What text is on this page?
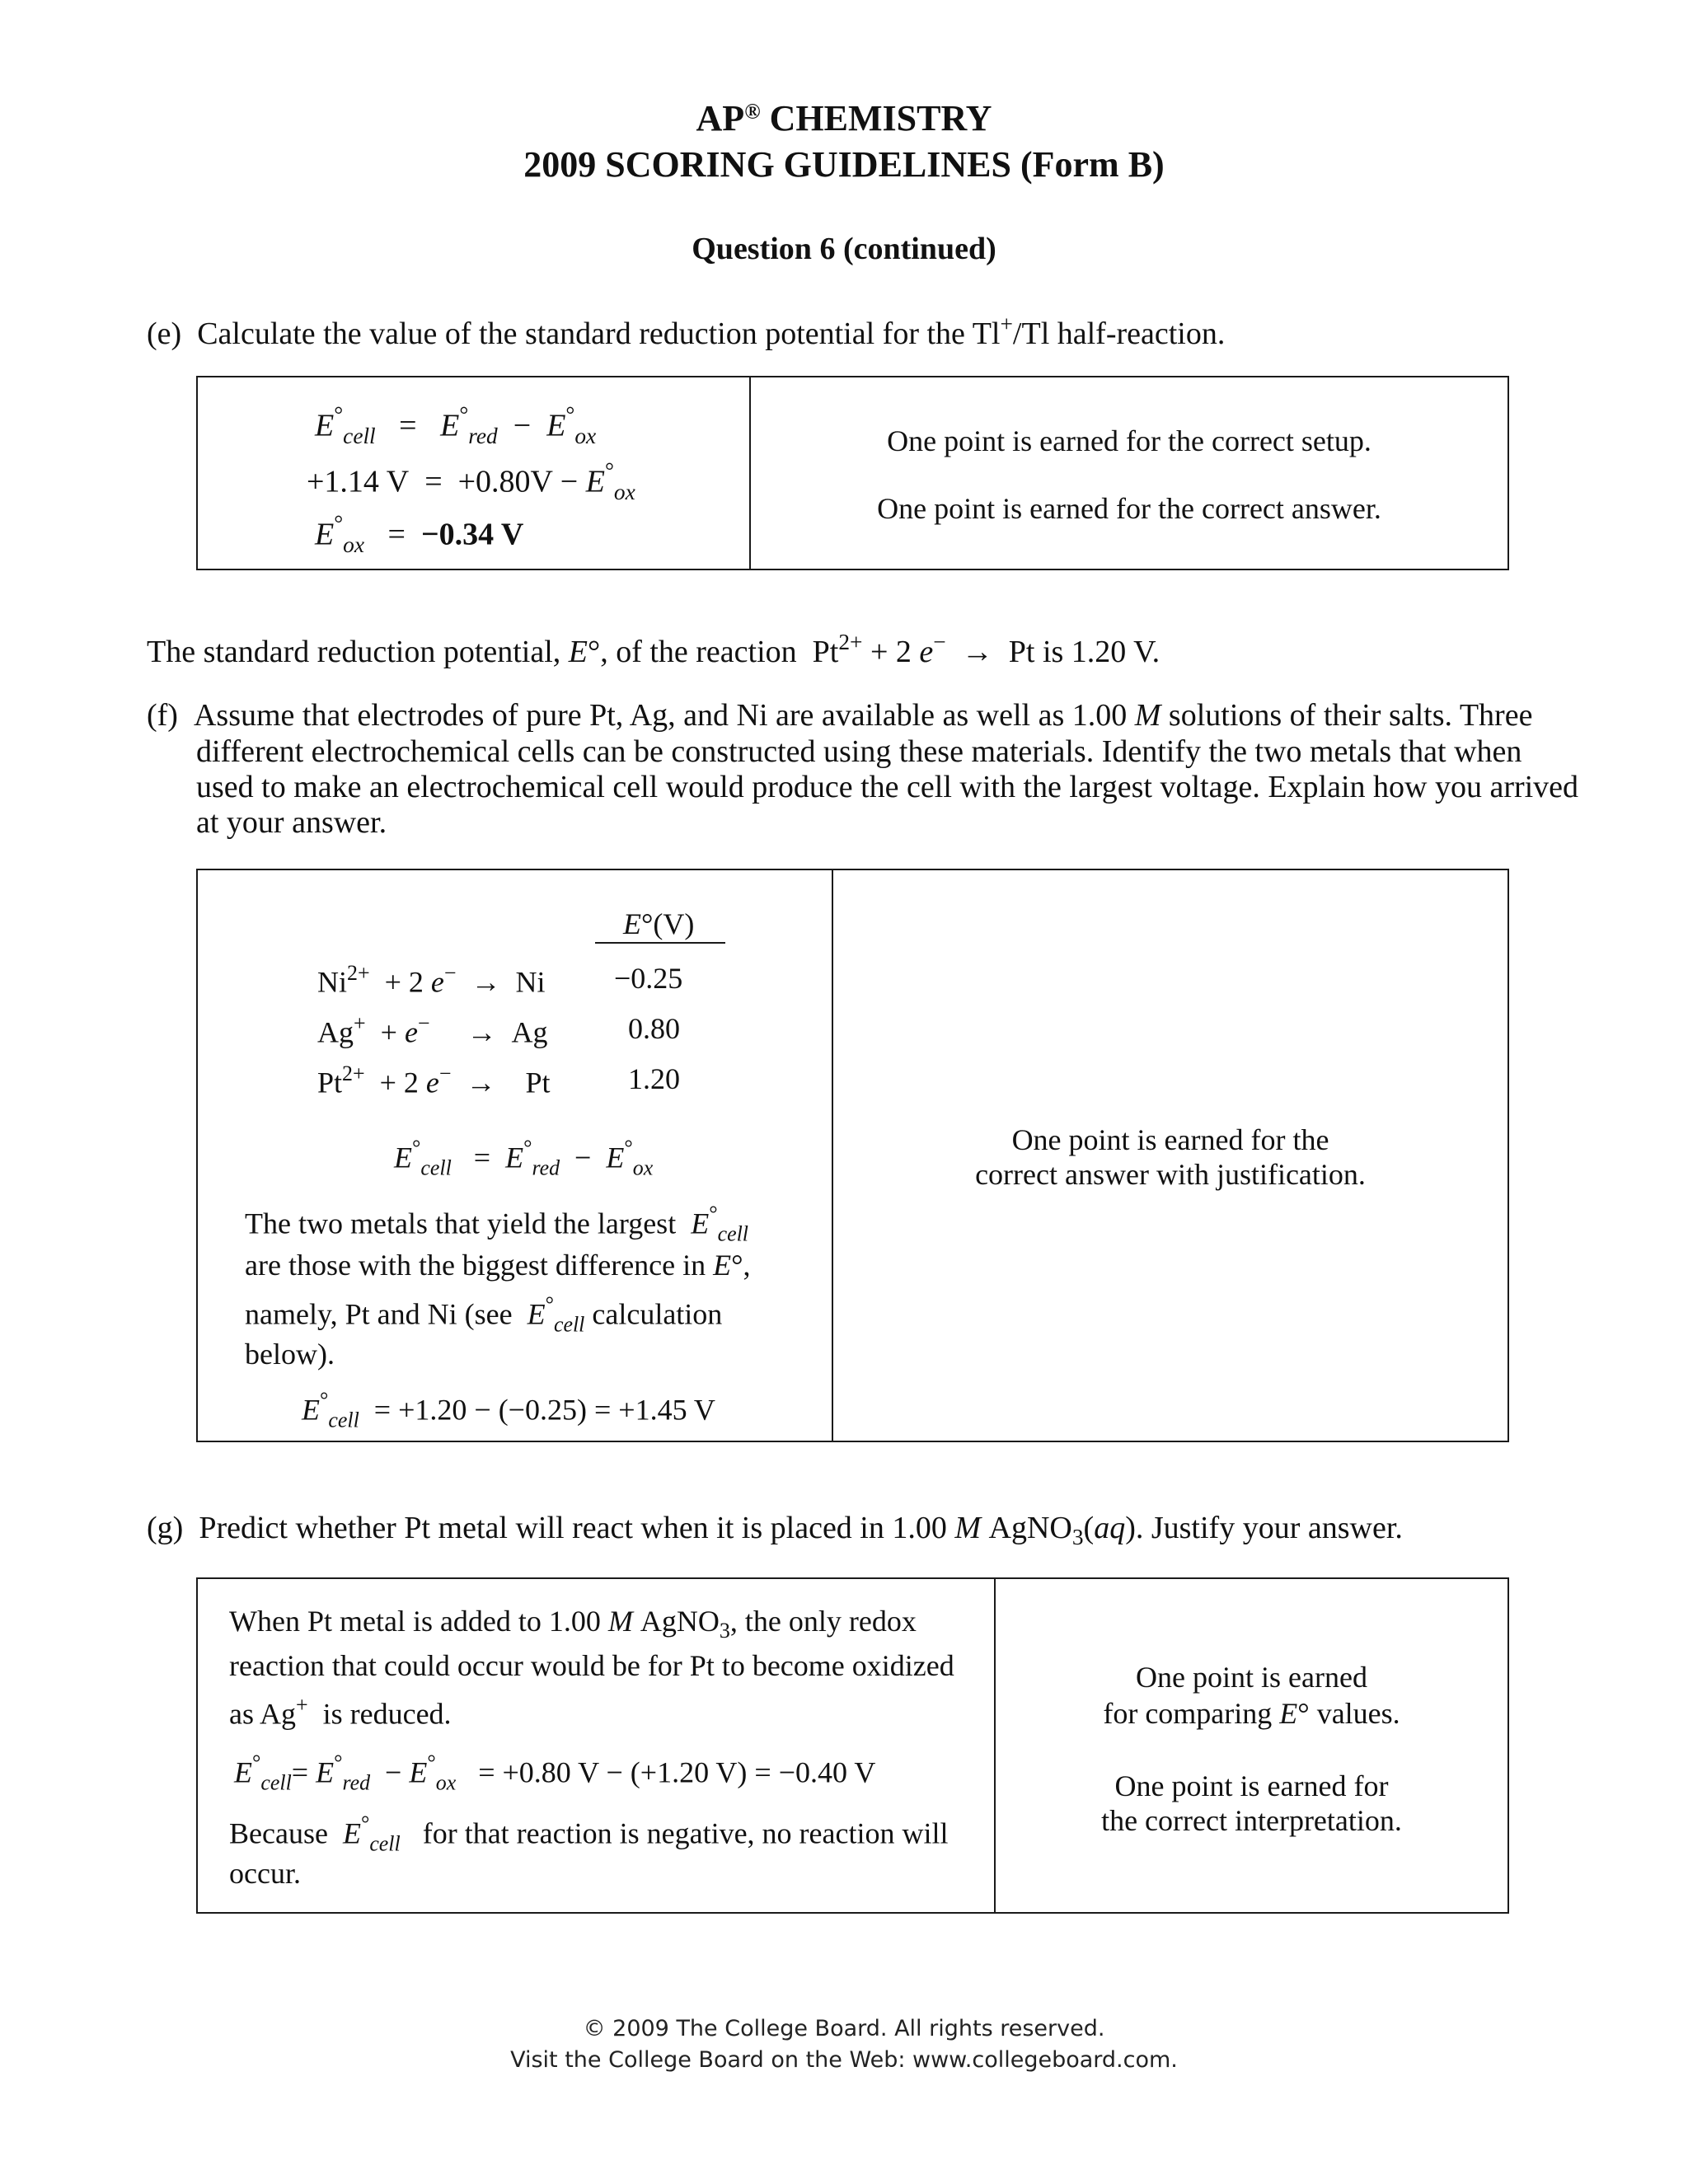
AP® CHEMISTRY
2009 SCORING GUIDELINES (Form B)
Question 6 (continued)
(e) Calculate the value of the standard reduction potential for the Tl+/Tl half-reaction.
$E^\circ_{cell} = E^\circ_{red} - E^\circ_{ox}$
+1.14 $V = +0.80V - E^\circ_{ox}$
$E^\circ_{ox} = -0.34$ V
One point is earned for the correct setup.
One point is earned for the correct answer.
The standard reduction potential, E°, of the reaction $Pt^{2+} + 2$ e− → Pt is 1.20 V.
(f) Assume that electrodes of pure Pt, Ag, and Ni are available as well as 1.00 M solutions of their salts. Three
different electrochemical cells can be constructed using these materials. Identify the two metals that when
used to make an electrochemical cell would produce the cell with the largest voltage. Explain how you arrived
at your answer.
E°(V)
$Ni^{2+} + 2$ e−  →  Ni −0.25
Ag+ + e−     →  Ag	0.80
$Pt^{2+} + 2$ e−  →    Pt	1.20
$E^\circ_{cell} = E^\circ_{red} - E^\circ_{ox}$
The two metals that yield the largest $E^\circ_{cell}$
are those with the biggest difference in E°,
namely, Pt and Ni (see $E^\circ_{cell}$ calculation
below).
$E^\circ_{cell} = +1.20 - (-0.25) = +1.45$ V
One point is earned for the
correct answer with justification.
(g) Predict whether Pt metal will react when it is placed in 1.00 M AgNO$_3$(aq). Justify your answer.
When Pt metal is added to 1.00 M AgNO$_3$, the only redox
reaction that could occur would be for Pt to become oxidized
as Ag+ is reduced.
$E^\circ_{cell}= E^\circ_{red} - E^\circ_{ox} = +0.80$ V − (+1.20 V) = −0.40 V
Because $E^\circ_{cell}$ for that reaction is negative, no reaction will
occur.
One point is earned
for comparing E° values.
One point is earned for
the correct interpretation.
© 2009 The College Board. All rights reserved.
Visit the College Board on the Web: www.collegeboard.com.
